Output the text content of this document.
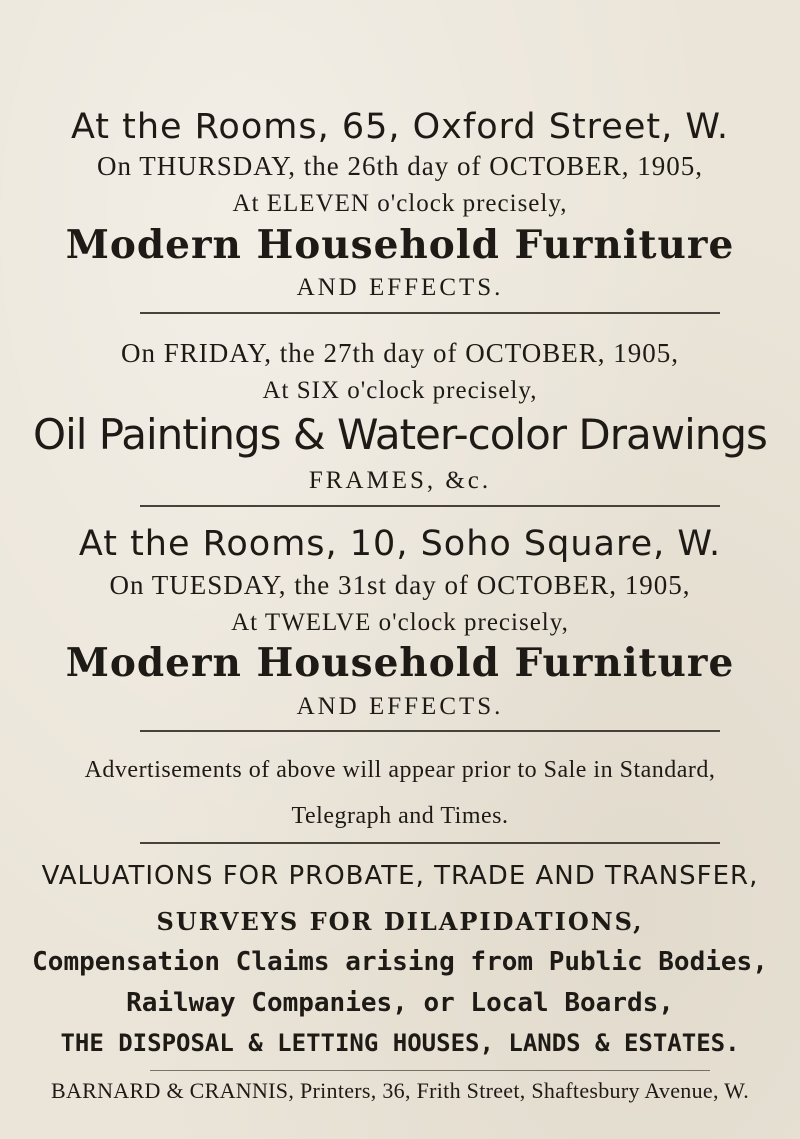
At the Rooms, 65, Oxford Street, W.
On THURSDAY, the 26th day of OCTOBER, 1905,
At ELEVEN o'clock precisely,
Modern Household Furniture
AND EFFECTS.
On FRIDAY, the 27th day of OCTOBER, 1905,
At SIX o'clock precisely,
Oil Paintings & Water-color Drawings
FRAMES, &c.
At the Rooms, 10, Soho Square, W.
On TUESDAY, the 31st day of OCTOBER, 1905,
At TWELVE o'clock precisely,
Modern Household Furniture
AND EFFECTS.
Advertisements of above will appear prior to Sale in Standard,
Telegraph and Times.
VALUATIONS FOR PROBATE, TRADE AND TRANSFER,
SURVEYS FOR DILAPIDATIONS,
Compensation Claims arising from Public Bodies,
Railway Companies, or Local Boards,
THE DISPOSAL & LETTING HOUSES, LANDS & ESTATES.
BARNARD & CRANNIS, Printers, 36, Frith Street, Shaftesbury Avenue, W.
